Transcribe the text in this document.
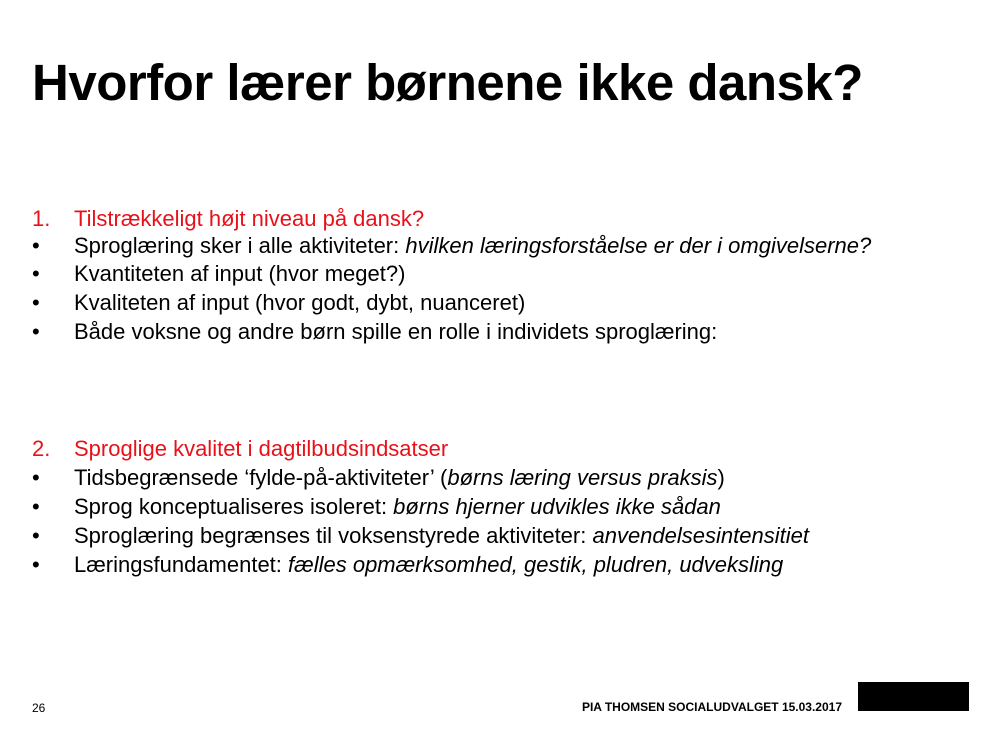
Hvorfor lærer børnene ikke dansk?
1.	Tilstrækkeligt højt niveau på dansk?
•	Sproglæring sker i alle aktiviteter: hvilken læringsforståelse er der i omgivelserne?
•	Kvantiteten af input (hvor meget?)
•	Kvaliteten af input (hvor godt, dybt, nuanceret)
•	Både voksne og andre børn spille en rolle i individets sproglæring:
2.	Sproglige kvalitet i dagtilbudsindsatser
•	Tidsbegrænsede ‘fylde-på-aktiviteter’ (børns læring versus praksis)
•	Sprog konceptualiseres isoleret: børns hjerner udvikles ikke sådan
•	Sproglæring begrænses til voksenstyrede aktiviteter: anvendelsesintensitiet
•	Læringsfundamentet: fælles opmærksomhed, gestik, pludren, udveksling
26	PIA THOMSEN SOCIALUDVALGET 15.03.2017
